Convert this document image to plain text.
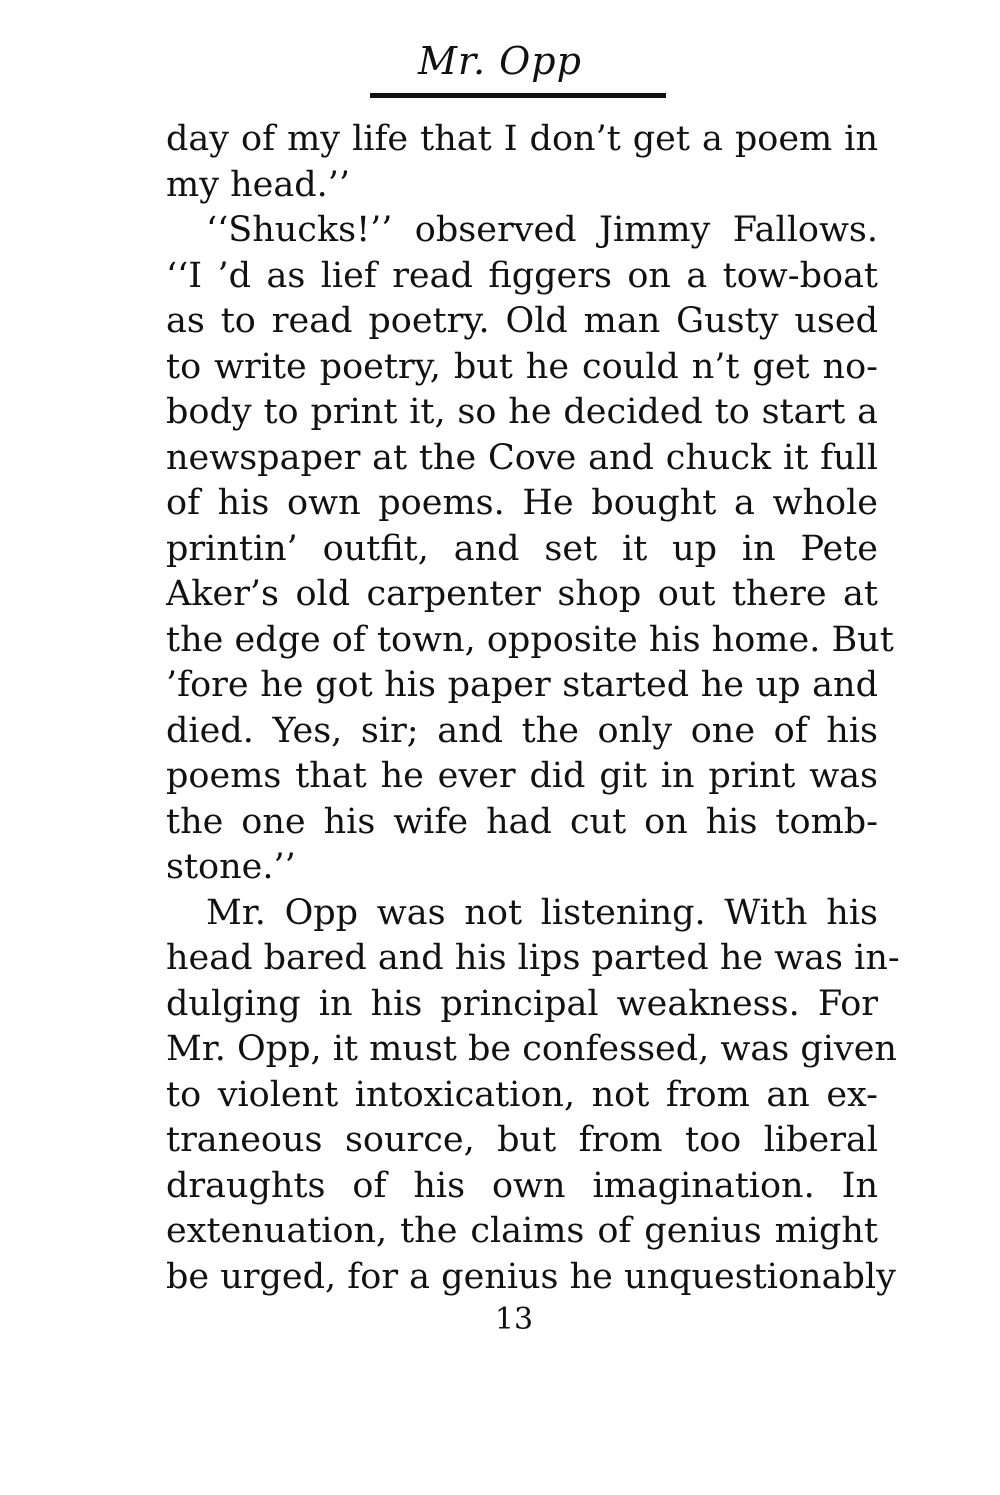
Mr. Opp
day of my life that I don’t get a poem in
my head.’’
‘‘Shucks!’’ observed Jimmy Fallows.
‘‘I ’d as lief read figgers on a tow-boat
as to read poetry. Old man Gusty used
to write poetry, but he could n’t get no-
body to print it, so he decided to start a
newspaper at the Cove and chuck it full
of his own poems. He bought a whole
printin’ outfit, and set it up in Pete
Aker’s old carpenter shop out there at
the edge of town, opposite his home. But
’fore he got his paper started he up and
died. Yes, sir; and the only one of his
poems that he ever did git in print was
the one his wife had cut on his tomb-
stone.’’
Mr. Opp was not listening. With his
head bared and his lips parted he was in-
dulging in his principal weakness. For
Mr. Opp, it must be confessed, was given
to violent intoxication, not from an ex-
traneous source, but from too liberal
draughts of his own imagination. In
extenuation, the claims of genius might
be urged, for a genius he unquestionably
13
